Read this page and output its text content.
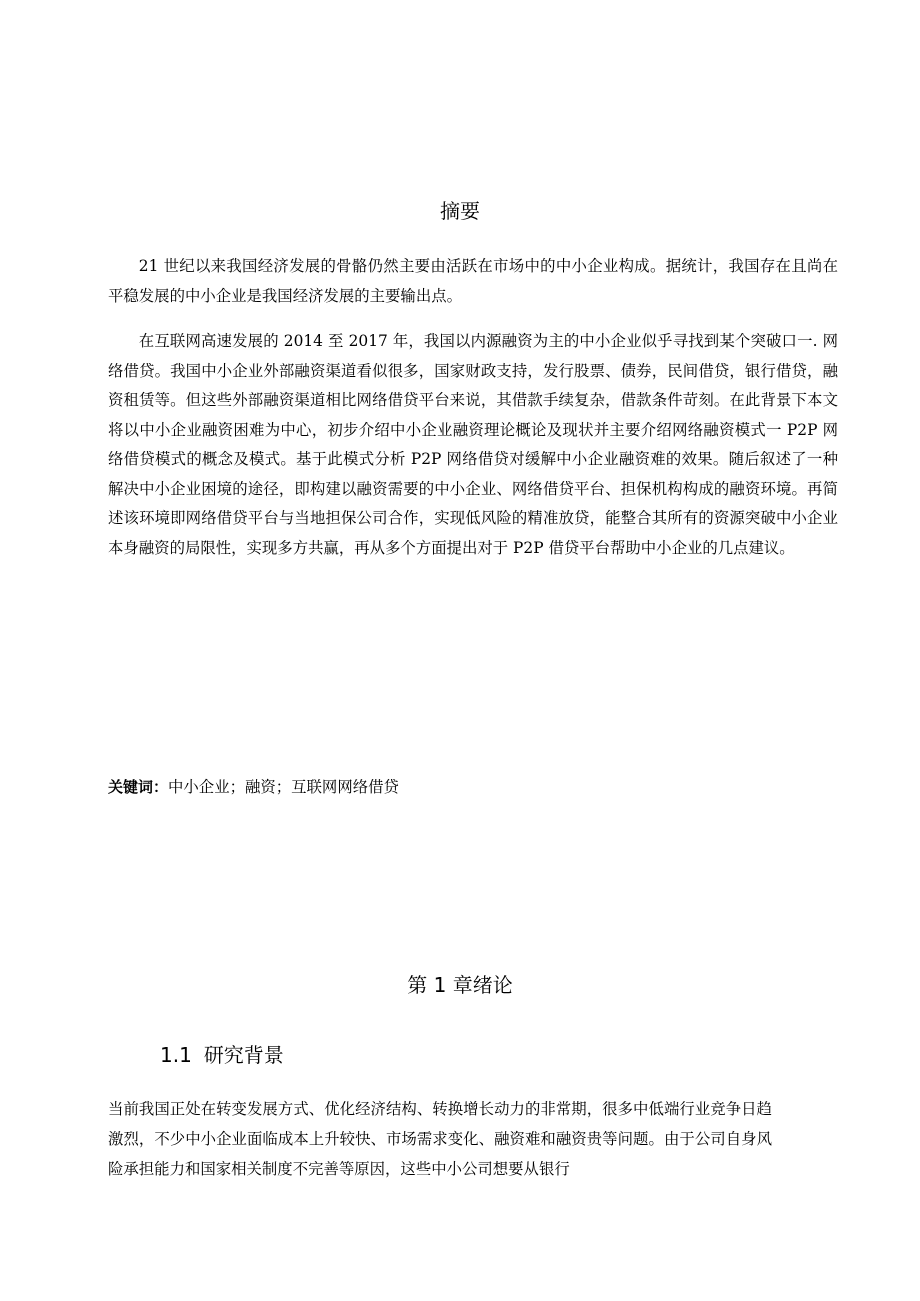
摘要

21 世纪以来我国经济发展的骨骼仍然主要由活跃在市场中的中小企业构成。据统计，我国存在且尚在平稳发展的中小企业是我国经济发展的主要输出点。

在互联网高速发展的 2014 至 2017 年，我国以内源融资为主的中小企业似乎寻找到某个突破口一. 网络借贷。我国中小企业外部融资渠道看似很多，国家财政支持，发行股票、债券，民间借贷，银行借贷，融资租赁等。但这些外部融资渠道相比网络借贷平台来说，其借款手续复杂，借款条件苛刻。在此背景下本文将以中小企业融资困难为中心，初步介绍中小企业融资理论概论及现状并主要介绍网络融资模式一 P2P 网络借贷模式的概念及模式。基于此模式分析 P2P 网络借贷对缓解中小企业融资难的效果。随后叙述了一种解决中小企业困境的途径，即构建以融资需要的中小企业、网络借贷平台、担保机构构成的融资环境。再简述该环境即网络借贷平台与当地担保公司合作，实现低风险的精准放贷，能整合其所有的资源突破中小企业本身融资的局限性，实现多方共赢，再从多个方面提出对于 P2P 借贷平台帮助中小企业的几点建议。

关键词：中小企业；融资；互联网网络借贷

第 1 章绪论
1.1 研究背景

当前我国正处在转变发展方式、优化经济结构、转换增长动力的非常期，很多中低端行业竞争日趋激烈，不少中小企业面临成本上升较快、市场需求变化、融资难和融资贵等问题。由于公司自身风险承担能力和国家相关制度不完善等原因，这些中小公司想要从银行
